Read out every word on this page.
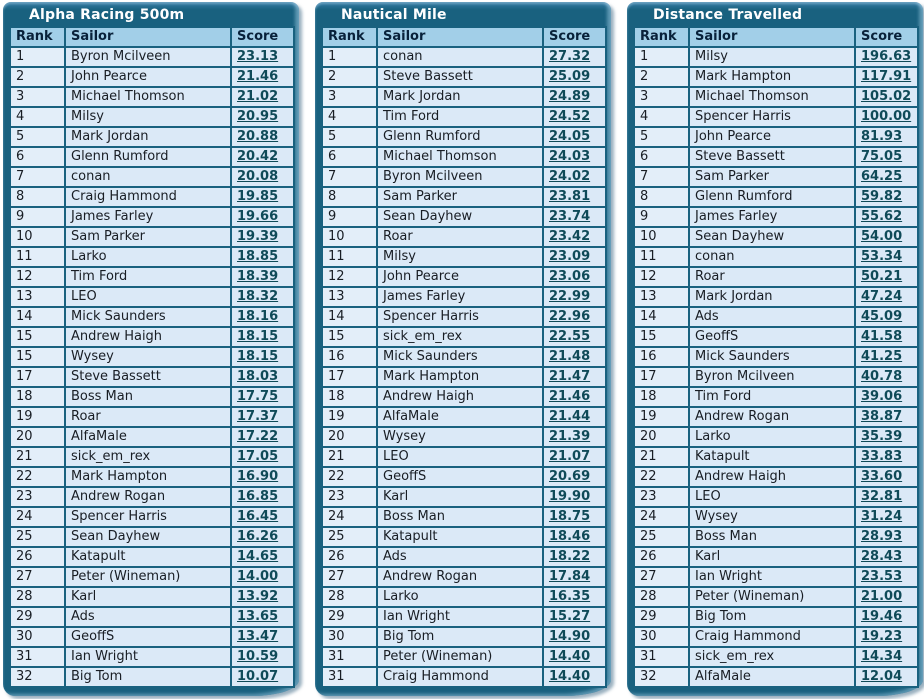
Alpha Racing 500m
Rank	Sailor	Score
1	Byron Mcilveen	23.13
2	John Pearce	21.46
3	Michael Thomson	21.02
4	Milsy	20.95
5	Mark Jordan	20.88
6	Glenn Rumford	20.42
7	conan	20.08
8	Craig Hammond	19.85
9	James Farley	19.66
10	Sam Parker	19.39
11	Larko	18.85
12	Tim Ford	18.39
13	LEO	18.32
14	Mick Saunders	18.16
15	Andrew Haigh	18.15
15	Wysey	18.15
17	Steve Bassett	18.03
18	Boss Man	17.75
19	Roar	17.37
20	AlfaMale	17.22
21	sick_em_rex	17.05
22	Mark Hampton	16.90
23	Andrew Rogan	16.85
24	Spencer Harris	16.45
25	Sean Dayhew	16.26
26	Katapult	14.65
27	Peter (Wineman)	14.00
28	Karl	13.92
29	Ads	13.65
30	GeoffS	13.47
31	Ian Wright	10.59
32	Big Tom	10.07
Nautical Mile
Rank	Sailor	Score
1	conan	27.32
2	Steve Bassett	25.09
3	Mark Jordan	24.89
4	Tim Ford	24.52
5	Glenn Rumford	24.05
6	Michael Thomson	24.03
7	Byron Mcilveen	24.02
8	Sam Parker	23.81
9	Sean Dayhew	23.74
10	Roar	23.42
11	Milsy	23.09
12	John Pearce	23.06
13	James Farley	22.99
14	Spencer Harris	22.96
15	sick_em_rex	22.55
16	Mick Saunders	21.48
17	Mark Hampton	21.47
18	Andrew Haigh	21.46
19	AlfaMale	21.44
20	Wysey	21.39
21	LEO	21.07
22	GeoffS	20.69
23	Karl	19.90
24	Boss Man	18.75
25	Katapult	18.46
26	Ads	18.22
27	Andrew Rogan	17.84
28	Larko	16.35
29	Ian Wright	15.27
30	Big Tom	14.90
31	Peter (Wineman)	14.40
31	Craig Hammond	14.40
Distance Travelled
Rank	Sailor	Score
1	Milsy	196.63
2	Mark Hampton	117.91
3	Michael Thomson	105.02
4	Spencer Harris	100.00
5	John Pearce	81.93
6	Steve Bassett	75.05
7	Sam Parker	64.25
8	Glenn Rumford	59.82
9	James Farley	55.62
10	Sean Dayhew	54.00
11	conan	53.34
12	Roar	50.21
13	Mark Jordan	47.24
14	Ads	45.09
15	GeoffS	41.58
16	Mick Saunders	41.25
17	Byron Mcilveen	40.78
18	Tim Ford	39.06
19	Andrew Rogan	38.87
20	Larko	35.39
21	Katapult	33.83
22	Andrew Haigh	33.60
23	LEO	32.81
24	Wysey	31.24
25	Boss Man	28.93
26	Karl	28.43
27	Ian Wright	23.53
28	Peter (Wineman)	21.00
29	Big Tom	19.46
30	Craig Hammond	19.23
31	sick_em_rex	14.34
32	AlfaMale	12.04
